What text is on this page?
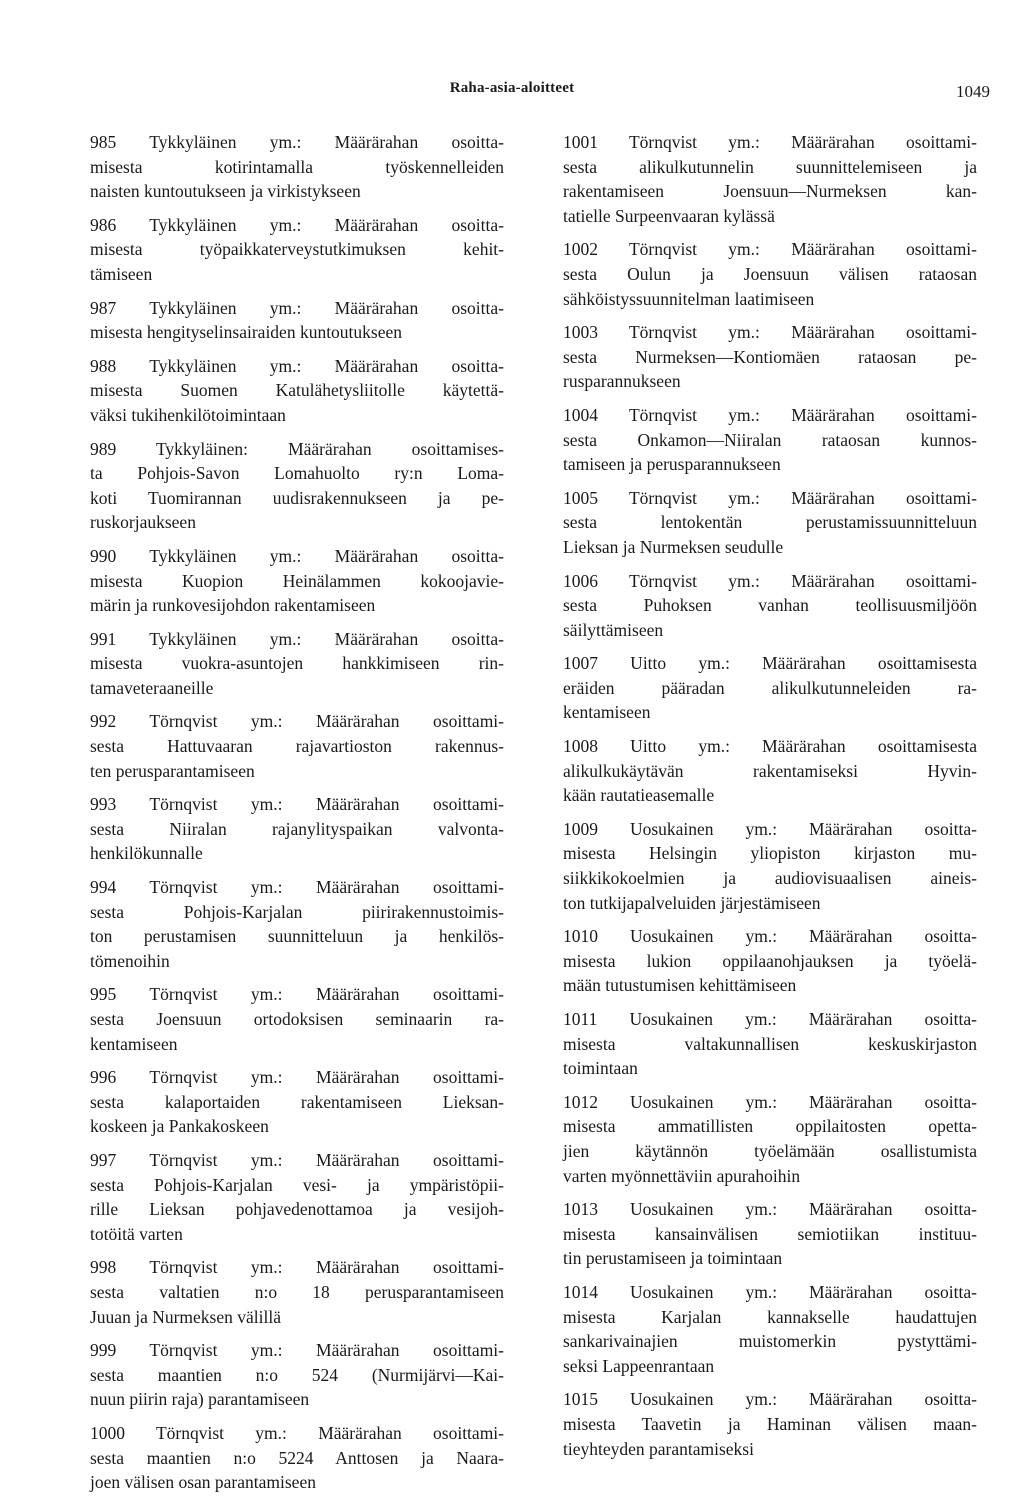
Raha-asia-aloitteet	1049

985 Tykkyläinen ym.: Määrärahan osoitta-
misesta kotirintamalla työskennelleiden
naisten kuntoutukseen ja virkistykseen

986 Tykkyläinen ym.: Määrärahan osoitta-
misesta työpaikkaterveystutkimuksen kehit-
tämiseen

987 Tykkyläinen ym.: Määrärahan osoitta-
misesta hengityselinsairaiden kuntoutukseen

988 Tykkyläinen ym.: Määrärahan osoitta-
misesta Suomen Katulähetysliitolle käytettä-
väksi tukihenkilötoimintaan

989 Tykkyläinen: Määrärahan osoittamises-
ta Pohjois-Savon Lomahuolto ry:n Loma-
koti Tuomirannan uudisrakennukseen ja pe-
ruskorjaukseen

990 Tykkyläinen ym.: Määrärahan osoitta-
misesta Kuopion Heinälammen kokoojavie-
märin ja runkovesijohdon rakentamiseen

991 Tykkyläinen ym.: Määrärahan osoitta-
misesta vuokra-asuntojen hankkimiseen rin-
tamaveteraaneille

992 Törnqvist ym.: Määrärahan osoittami-
sesta Hattuvaaran rajavartioston rakennus-
ten perusparantamiseen

993 Törnqvist ym.: Määrärahan osoittami-
sesta Niiralan rajanylityspaikan valvonta-
henkilökunnalle

994 Törnqvist ym.: Määrärahan osoittami-
sesta Pohjois-Karjalan piirirakennustoimis-
ton perustamisen suunnitteluun ja henkilös-
tömenoihin

995 Törnqvist ym.: Määrärahan osoittami-
sesta Joensuun ortodoksisen seminaarin ra-
kentamiseen

996 Törnqvist ym.: Määrärahan osoittami-
sesta kalaportaiden rakentamiseen Lieksan-
koskeen ja Pankakoskeen

997 Törnqvist ym.: Määrärahan osoittami-
sesta Pohjois-Karjalan vesi- ja ympäristöpii-
rille Lieksan pohjavedenottamoa ja vesijoh-
totöitä varten

998 Törnqvist ym.: Määrärahan osoittami-
sesta valtatien n:o 18 perusparantamiseen
Juuan ja Nurmeksen välillä

999 Törnqvist ym.: Määrärahan osoittami-
sesta maantien n:o 524 (Nurmijärvi—Kai-
nuun piirin raja) parantamiseen

1000 Törnqvist ym.: Määrärahan osoittami-
sesta maantien n:o 5224 Anttosen ja Naara-
joen välisen osan parantamiseen

1001 Törnqvist ym.: Määrärahan osoittami-
sesta alikulkutunnelin suunnittelemiseen ja
rakentamiseen Joensuun—Nurmeksen kan-
tatielle Surpeenvaaran kylässä

1002 Törnqvist ym.: Määrärahan osoittami-
sesta Oulun ja Joensuun välisen rataosan
sähköistyssuunnitelman laatimiseen

1003 Törnqvist ym.: Määrärahan osoittami-
sesta Nurmeksen—Kontiomäen rataosan pe-
rusparannukseen

1004 Törnqvist ym.: Määrärahan osoittami-
sesta Onkamon—Niiralan rataosan kunnos-
tamiseen ja perusparannukseen

1005 Törnqvist ym.: Määrärahan osoittami-
sesta lentokentän perustamissuunnitteluun
Lieksan ja Nurmeksen seudulle

1006 Törnqvist ym.: Määrärahan osoittami-
sesta Puhoksen vanhan teollisuusmiljöön
säilyttämiseen

1007 Uitto ym.: Määrärahan osoittamisesta
eräiden pääradan alikulkutunneleiden ra-
kentamiseen

1008 Uitto ym.: Määrärahan osoittamisesta
alikulkukäytävän rakentamiseksi Hyvin-
kään rautatieasemalle

1009 Uosukainen ym.: Määrärahan osoitta-
misesta Helsingin yliopiston kirjaston mu-
siikkikokoelmien ja audiovisuaalisen aineis-
ton tutkijapalveluiden järjestämiseen

1010 Uosukainen ym.: Määrärahan osoitta-
misesta lukion oppilaanohjauksen ja työelä-
mään tutustumisen kehittämiseen

1011 Uosukainen ym.: Määrärahan osoitta-
misesta valtakunnallisen keskuskirjaston
toimintaan

1012 Uosukainen ym.: Määrärahan osoitta-
misesta ammatillisten oppilaitosten opetta-
jien käytännön työelämään osallistumista
varten myönnettäviin apurahoihin

1013 Uosukainen ym.: Määrärahan osoitta-
misesta kansainvälisen semiotiikan instituu-
tin perustamiseen ja toimintaan

1014 Uosukainen ym.: Määrärahan osoitta-
misesta Karjalan kannakselle haudattujen
sankarivainajien muistomerkin pystyttämi-
seksi Lappeenrantaan

1015 Uosukainen ym.: Määrärahan osoitta-
misesta Taavetin ja Haminan välisen maan-
tieyhteyden parantamiseksi
